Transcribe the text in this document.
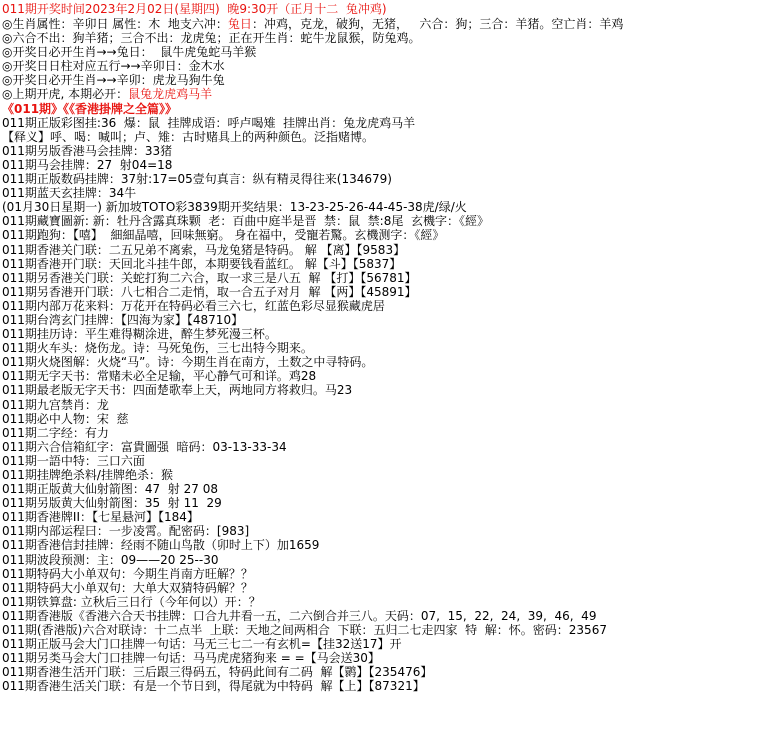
011期开奖时间2023年2月02日(星期四)  晚9:30开（正月十二  兔冲鸡)
◎生肖属性：辛卯日 属性：木  地支六冲：兔日：冲鸡，克龙，破狗，无猪，   六合：狗；三合：羊猪。空亡肖：羊鸡
◎六合不出：狗羊猪；三合不出：龙虎兔；正在开生肖：蛇牛龙鼠猴，防兔鸡。
◎开奖日必开生肖→→兔日：  鼠牛虎兔蛇马羊猴
◎开奖日日柱对应五行→→辛卯日：金木水
◎开奖日必开生肖→→辛卯：虎龙马狗牛兔
◎上期开虎, 本期必开：鼠兔龙虎鸡马羊
《011期》《《香港掛牌之全篇》》
011期正版彩图挂:36  爆：鼠  挂牌成语：呼卢喝雉  挂牌出肖：兔龙虎鸡马羊
【释义】呼、喝：喊叫；卢、雉：古时赌具上的两种颜色。泛指赌博。
011期另版香港马会挂牌：33猪
011期马会挂牌：27  射04=18
011期正版数码挂牌：37射:17=05壹句真言：纵有精灵得往来(134679)
011期蓝天玄挂牌：34牛
(01月30日星期一) 新加坡TOTO彩3839期开奖结果：13-23-25-26-44-45-38虎/绿/火
011期藏寶圖新: 新：牡丹含露真珠颗  老：百曲中庭半是晋  禁：鼠  禁:8尾  玄機字：《經》
011期跑狗：【嘻】  細細晶嘻，回味無窮。 身在福中，受寵若驚。玄機测字：《經》
011期香港关门联：二五兄弟不离索，马龙兔猪是特码。 解 【离】【9583】
011期香港开门联：天回北斗挂牛郎，本期要钱看蓝红。 解【斗】【5837】
011期另香港关门联：关蛇打狗二六合，取一求三是八五  解 【打】【56781】
011期另香港开门联：八七相合二走悄，取一合五子对月  解 【两】【45891】
011期内部万花来料：万花开在特码必看三六七，红蓝色彩尽显猴藏虎居
011期台湾玄门挂牌：【四海为家】【48710】
011期挂历诗：平生难得糊涂进，醉生梦死漫三杯。
011期火车头：烧伤龙。诗：马死兔伤，三七出特今期来。
011期火烧图解：火烧“马”。诗：今期生肖在南方，土数之中寻特码。
011期无字天书：常赌未必全足输，平心静气可和详。鸡28
011期最老版无字天书：四面楚歌奉上天，两地同方将救归。马23
011期九宫禁肖：龙
011期必中人物：宋  慈
011期二字经：有力
011期六合信箱紅字：富貴圖强  暗码：03-13-33-34
011期一語中特：三口六面
011期挂牌绝杀料/挂牌绝杀：猴
011期正版黄大仙射箭图：47  射 27 08
011期另版黄大仙射箭图：35  射 11  29
011期香港牌II：【七星悬河】【184】
011期内部运程曰：一步凌霄。配密码：[983]
011期香港信封挂牌：经雨不随山鸟散（卯时上下）加1659
011期波段预测：主：09——20 25--30
011期特码大小单双句：今期生肖南方旺解？？
011期特码大小单双句：大单大双猜特码解？？
011期铁算盘: 立秋后三日行（今年何以）开：？
011期香港版《香港六合天书挂牌：口合九井看一五，二六倒合并三八。天码：07,  15,  22,  24,  39,  46,  49
011期(香港版)六合对联诗：十二点半  上联：天地之间两相合  下联：五归二七走四家  特  解：怀。密码：23567
011期正版马会大门口挂牌一句话：马无三七二一有玄机=【挂32送17】开
011期另类马会大门口挂牌一句话：马马虎虎猪狗来 = =【马会送30】
011期香港生活开门联：三后跟三得码五，特码此间有二码  解【鹮】【235476】
011期香港生活关门联：有是一个节日到，得尾就为中特码  解【上】【87321】
